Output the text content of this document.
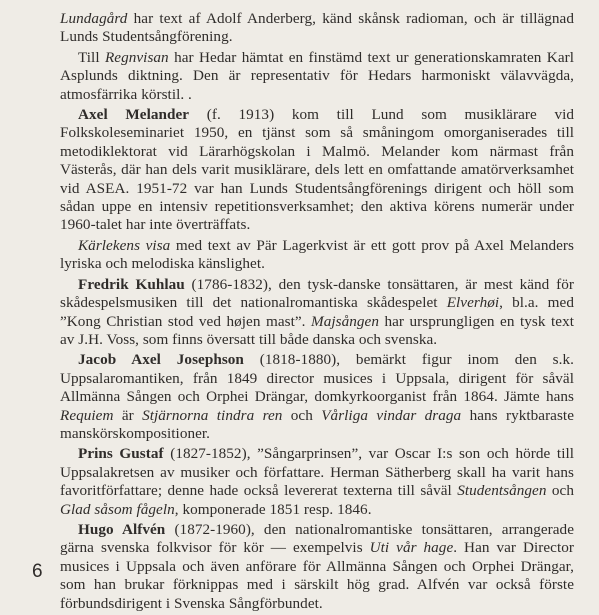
Lundagård har text af Adolf Anderberg, känd skånsk radioman, och är tillägnad Lunds Studentsångförening.

Till Regnvisan har Hedar hämtat en finstämd text ur generationskamraten Karl Asplunds diktning. Den är representativ för Hedars harmoniskt välavvägda, atmosfärrika körstil. .

Axel Melander (f. 1913) kom till Lund som musiklärare vid Folkskoleseminariet 1950, en tjänst som så småningom omorganiserades till metodiklektorat vid Lärarhögskolan i Malmö. Melander kom närmast från Västerås, där han dels varit musiklärare, dels lett en omfattande amatörverksamhet vid ASEA. 1951-72 var han Lunds Studentsångförenings dirigent och höll som sådan uppe en intensiv repetitionsverksamhet; den aktiva körens numerär under 1960-talet har inte överträffats.

Kärlekens visa med text av Pär Lagerkvist är ett gott prov på Axel Melanders lyriska och melodiska känslighet.

Fredrik Kuhlau (1786-1832), den tysk-danske tonsättaren, är mest känd för skådespelsmusiken till det nationalromantiska skådespelet Elverhøi, bl.a. med ”Kong Christian stod ved højen mast”. Majsången har ursprungligen en tysk text av J.H. Voss, som finns översatt till både danska och svenska.

Jacob Axel Josephson (1818-1880), bemärkt figur inom den s.k. Uppsalaromantiken, från 1849 director musices i Uppsala, dirigent för såväl Allmänna Sången och Orphei Drängar, domkyrkoorganist från 1864. Jämte hans Requiem är Stjärnorna tindra ren och Vårliga vindar draga hans ryktbaraste manskörskompositioner.

Prins Gustaf (1827-1852), ”Sångarprinsen”, var Oscar I:s son och hörde till Uppsalakretsen av musiker och författare. Herman Sätherberg skall ha varit hans favoritförfattare; denne hade också levererat texterna till såväl Studentsången och Glad såsom fågeln, komponerade 1851 resp. 1846.

Hugo Alfvén (1872-1960), den nationalromantiske tonsättaren, arrangerade gärna svenska folkvisor för kör — exempelvis Uti vår hage. Han var Director musices i Uppsala och även anförare för Allmänna Sången och Orphei Drängar, som han brukar förknippas med i särskilt hög grad. Alfvén var också förste förbundsdirigent i Svenska Sångförbundet.

6
